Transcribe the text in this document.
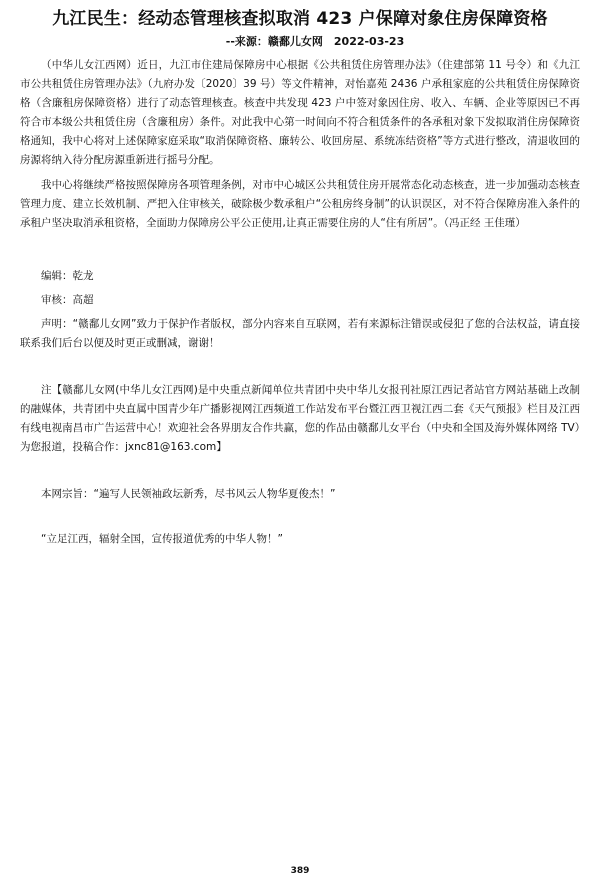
九江民生：经动态管理核查拟取消 423 户保障对象住房保障资格
--来源：赣鄱儿女网　2022-03-23

（中华儿女江西网）近日，九江市住建局保障房中心根据《公共租赁住房管理办法》（住建部第 11 号令）和《九江市公共租赁住房管理办法》（九府办发〔2020〕39 号）等文件精神，对怡嘉苑 2436 户承租家庭的公共租赁住房保障资格（含廉租房保障资格）进行了动态管理核查。核查中共发现 423 户中签对象因住房、收入、车辆、企业等原因已不再符合市本级公共租赁住房（含廉租房）条件。对此我中心第一时间向不符合租赁条件的各承租对象下发拟取消住房保障资格通知，我中心将对上述保障家庭采取“取消保障资格、廉转公、收回房屋、系统冻结资格”等方式进行整改，清退收回的房源将纳入待分配房源重新进行摇号分配。

我中心将继续严格按照保障房各项管理条例，对市中心城区公共租赁住房开展常态化动态核查，进一步加强动态核查管理力度、建立长效机制、严把入住审核关，破除极少数承租户“公租房终身制”的认识误区，对不符合保障房准入条件的承租户坚决取消承租资格，全面助力保障房公平公正使用,让真正需要住房的人“住有所居”。（冯正经 王佳瑾）

编辑：乾龙

审核：高超

声明：“赣鄱儿女网”致力于保护作者版权，部分内容来自互联网，若有来源标注错误或侵犯了您的合法权益，请直接联系我们后台以便及时更正或删减，谢谢！

注【赣鄱儿女网(中华儿女江西网)是中央重点新闻单位共青团中央中华儿女报刊社原江西记者站官方网站基础上改制的融媒体，共青团中央直属中国青少年广播影视网江西频道工作站发布平台暨江西卫视江西二套《天气预报》栏目及江西有线电视南昌市广告运营中心！欢迎社会各界朋友合作共赢，您的作品由赣鄱儿女平台（中央和全国及海外媒体网络 TV）为您报道，投稿合作：jxnc81@163.com】

本网宗旨：“遍写人民领袖政坛新秀，尽书风云人物华夏俊杰！”

“立足江西，辐射全国，宣传报道优秀的中华人物！”

389
